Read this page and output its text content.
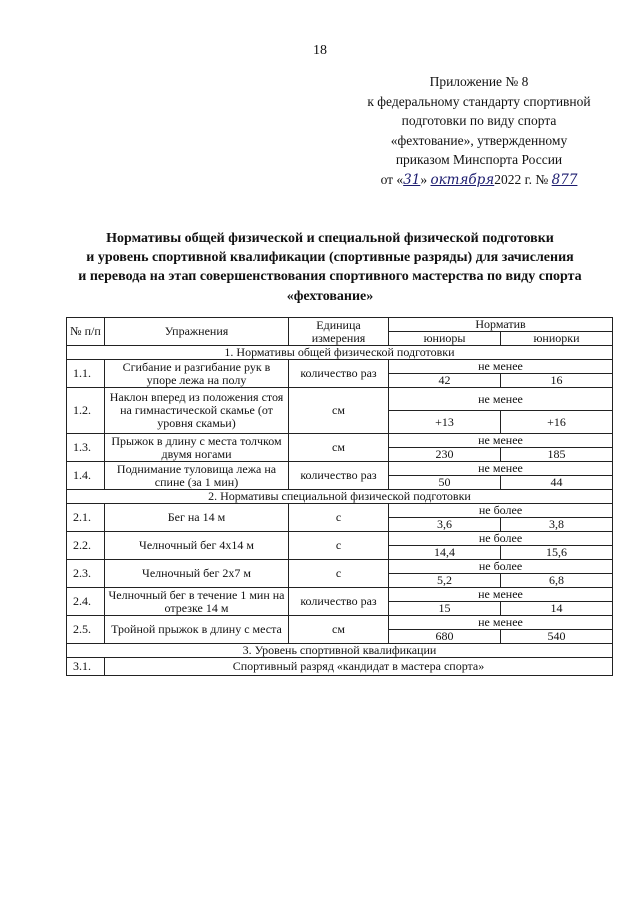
18
Приложение № 8
к федеральному стандарту спортивной
подготовки по виду спорта
«фехтование», утвержденному
приказом Минспорта России
от «31» октября2022 г. № 877
Нормативы общей физической и специальной физической подготовки
и уровень спортивной квалификации (спортивные разряды) для зачисления
и перевода на этап совершенствования спортивного мастерства по виду спорта
«фехтование»
№ п/п	Упражнения	Единица измерения	Норматив	
			юниоры	юниорки
1. Нормативы общей физической подготовки				
1.1.	Сгибание и разгибание рук в упоре лежа на полу	количество раз	не менее	
			42	16
1.2.	Наклон вперед из положения стоя на гимнастической скамье (от уровня скамьи)	см	не менее	
			+13	+16
1.3.	Прыжок в длину с места толчком двумя ногами	см	не менее	
			230	185
1.4.	Поднимание туловища лежа на спине (за 1 мин)	количество раз	не менее	
			50	44
2. Нормативы специальной физической подготовки				
2.1.	Бег на 14 м	с	не более	
			3,6	3,8
2.2.	Челночный бег 4х14 м	с	не более	
			14,4	15,6
2.3.	Челночный бег 2х7 м	с	не более	
			5,2	6,8
2.4.	Челночный бег в течение 1 мин на отрезке 14 м	количество раз	не менее	
			15	14
2.5.	Тройной прыжок в длину с места	см	не менее	
			680	540
3. Уровень спортивной квалификации				
3.1.	Спортивный разряд «кандидат в мастера спорта»			
